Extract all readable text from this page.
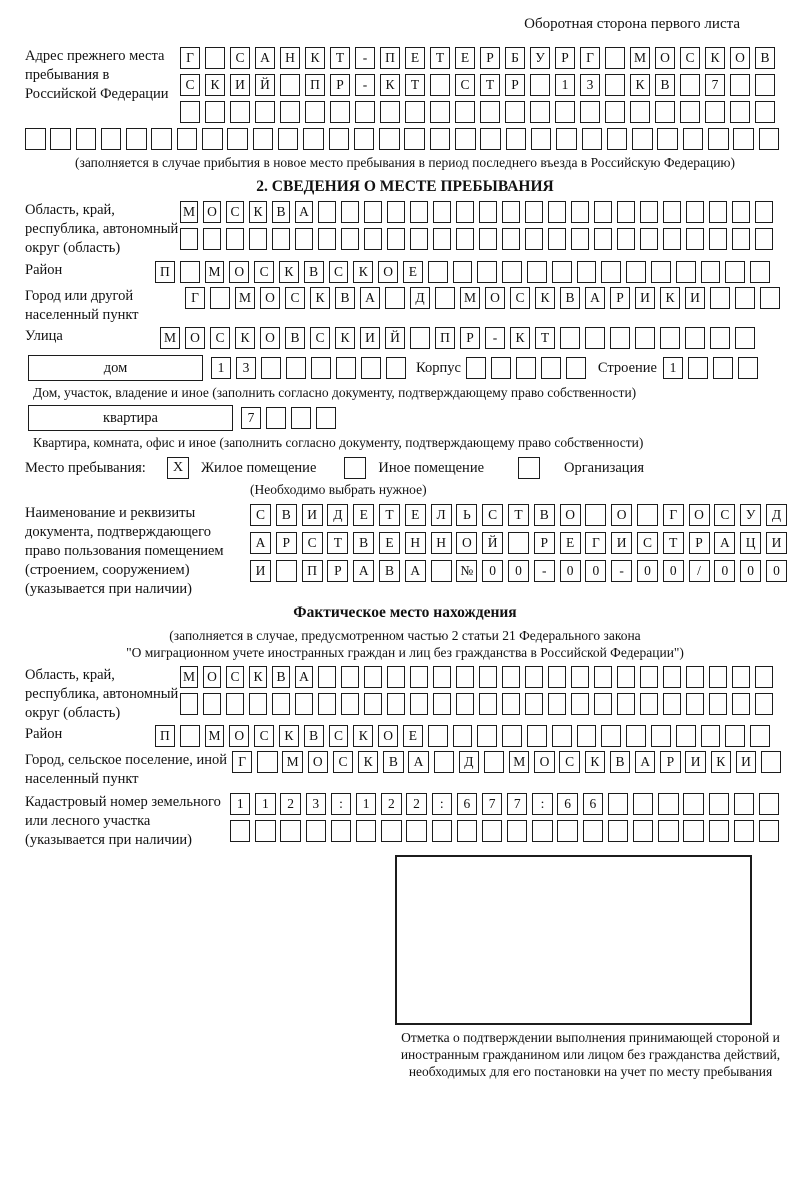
Оборотная сторона первого листа
Адрес прежнего места пребывания в Российской Федерации
Г	С	А	Н	К	Т	-	П	Е	Т	Е	Р	Б	У	Р	Г	М	О	С	К	О	В
С	К	И	Й	П	Р	-	К	Т	С	Т	Р	1	3	К	В	7
(заполняется в случае прибытия в новое место пребывания в период последнего въезда в Российскую Федерацию)
2. СВЕДЕНИЯ О МЕСТЕ ПРЕБЫВАНИЯ
Область, край, республика, автономный округ (область)
М О	С	К	В	А
Район	П	М	О	С	К	В	С	К	О	Е
Город или другой населенный пункт
Г	М	О	С	К	В	А	Д	М	О	С	К	В	А	Р	И	К	И
Улица	М	О	С	К	О	В	С	К	И	Й	П	Р	-	К	Т
дом	1	3	Корпус	Строение 1
Дом, участок, владение и иное (заполнить согласно документу, подтверждающему право собственности)
квартира	7
Квартира, комната, офис и иное (заполнить согласно документу, подтверждающему право собственности)
Место пребывания:	X	Жилое помещение	Иное помещение	Организация
(Необходимо выбрать нужное)
Наименование и реквизиты документа, подтверждающего право пользования помещением (строением, сооружением) (указывается при наличии)
С	В	И	Д	Е	Т	Е	Л	Ь	С	Т	В	О	О	Г	О	С	У	Д
А	Р	С	Т	В	Е	Н	Н	О	Й	Р	Е	Г	И	С	Т	Р	А	Ц	И
И	П	Р	А	В	А	№	0	0	-	0	0	-	0	0	/	0	0	0
Фактическое место нахождения
(заполняется в случае, предусмотренном частью 2 статьи 21 Федерального закона
"О миграционном учете иностранных граждан и лиц без гражданства в Российской Федерации")
Область, край, республика, автономный округ (область)
М О	С	К	В	А
Район	П	М	О	С	К	В	С	К	О	Е
Город, сельское поселение, иной населенный пункт
Г	М	О	С	К	В	А	Д	М	О	С	К	В	А	Р	И	К	И
Кадастровый номер земельного или лесного участка (указывается при наличии)
1	1	2	3	:	1	2	2	:	6	7	7	:	6	6
Отметка о подтверждении выполнения принимающей стороной и иностранным гражданином или лицом без гражданства действий, необходимых для его постановки на учет по месту пребывания
